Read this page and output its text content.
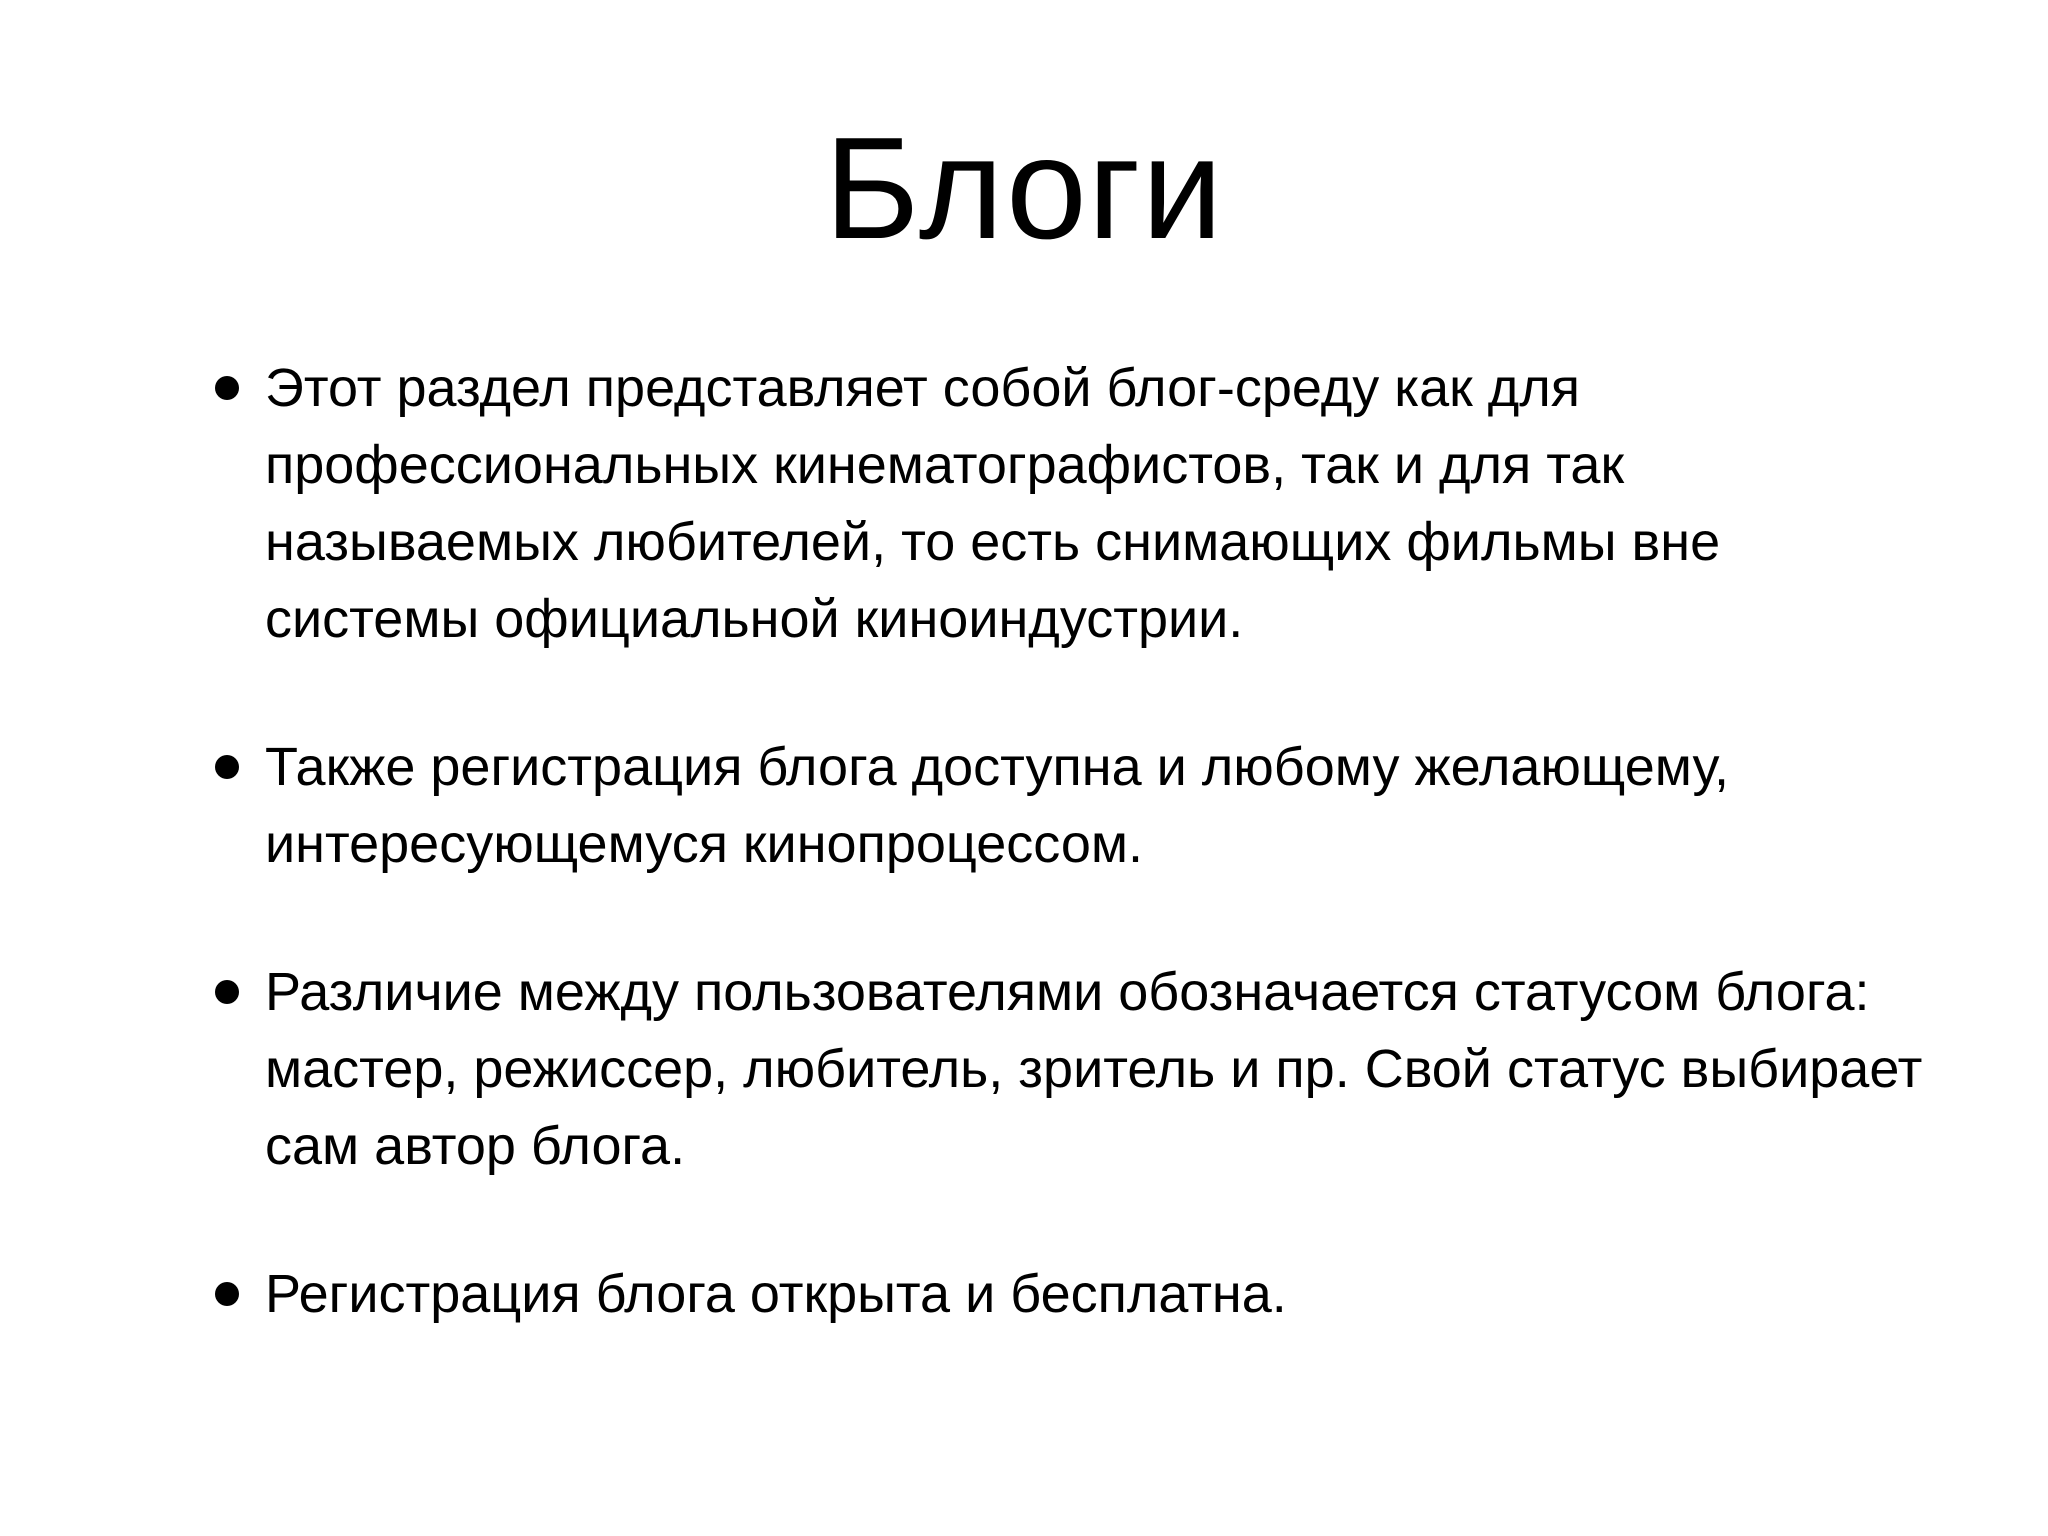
Блоги
Этот раздел представляет собой блог-среду как для профессиональных кинематографистов, так и для так называемых любителей, то есть снимающих фильмы вне системы официальной киноиндустрии.
Также регистрация блога доступна и любому желающему, интересующемуся кинопроцессом.
Различие между пользователями обозначается статусом блога: мастер, режиссер, любитель, зритель и пр. Свой статус выбирает сам автор блога.
Регистрация блога открыта и бесплатна.
